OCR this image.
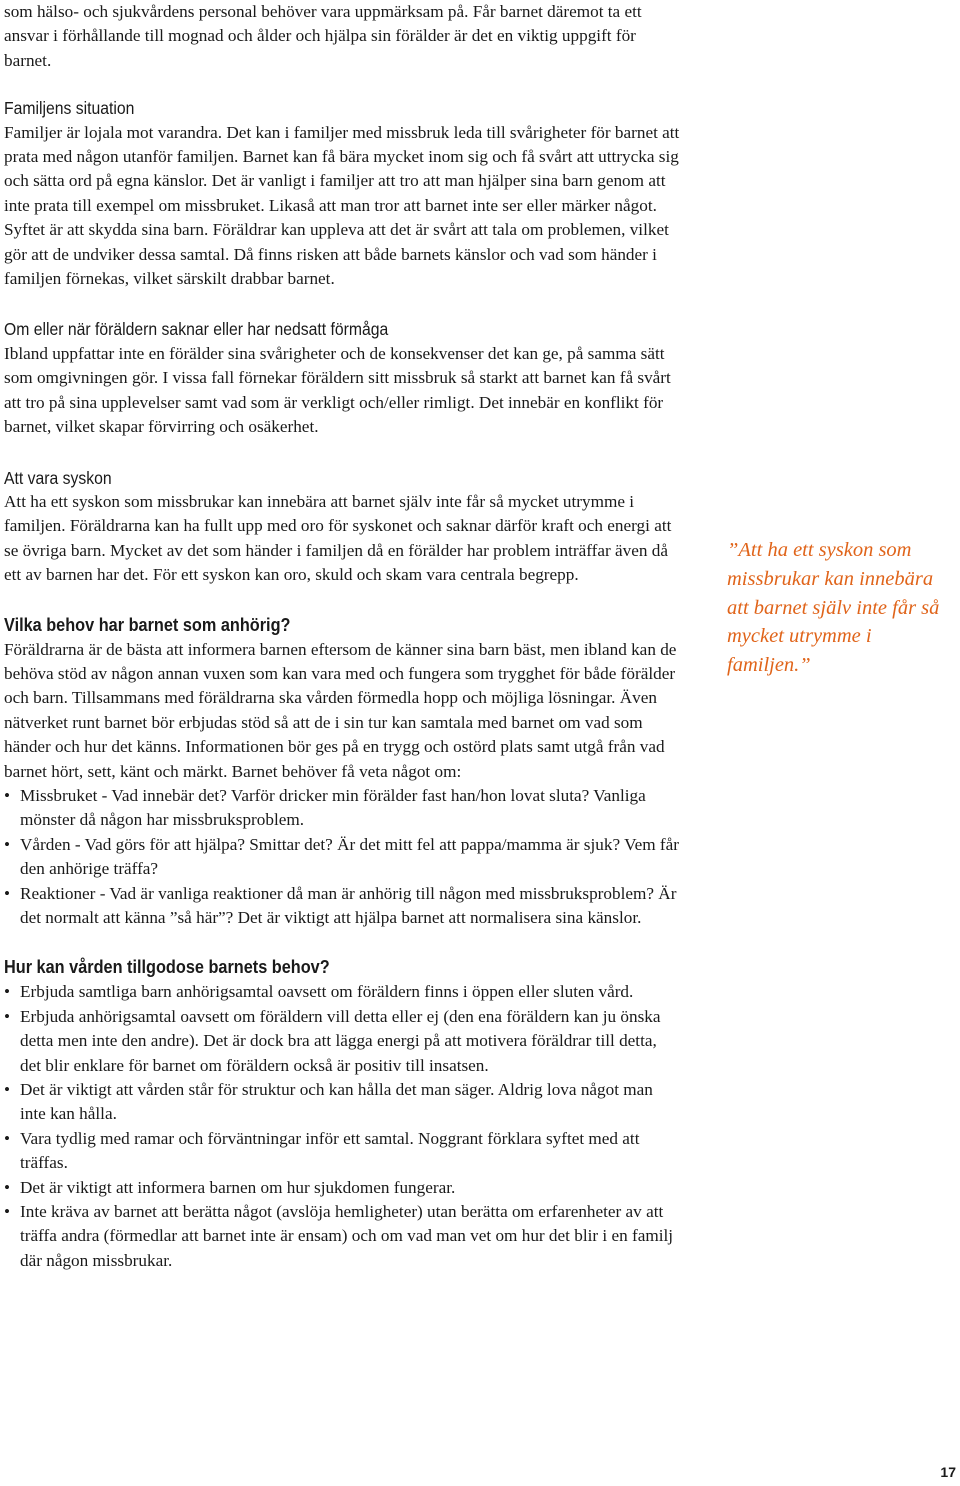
som hälso- och sjukvårdens personal behöver vara uppmärksam på. Får barnet däremot ta ett ansvar i förhållande till mognad och ålder och hjälpa sin förälder är det en viktig uppgift för barnet.

Familjens situation

Familjer är lojala mot varandra. Det kan i familjer med missbruk leda till svårigheter för barnet att prata med någon utanför familjen. Barnet kan få bära mycket inom sig och få svårt att uttrycka sig och sätta ord på egna känslor. Det är vanligt i familjer att tro att man hjälper sina barn genom att inte prata till exempel om missbruket. Likaså att man tror att barnet inte ser eller märker något. Syftet är att skydda sina barn. Föräldrar kan uppleva att det är svårt att tala om problemen, vilket gör att de undviker dessa samtal. Då finns risken att både barnets känslor och vad som händer i familjen förnekas, vilket särskilt drabbar barnet.

Om eller när föräldern saknar eller har nedsatt förmåga

Ibland uppfattar inte en förälder sina svårigheter och de konsekvenser det kan ge, på samma sätt som omgivningen gör. I vissa fall förnekar föräldern sitt missbruk så starkt att barnet kan få svårt att tro på sina upplevelser samt vad som är verkligt och/eller rimligt. Det innebär en konflikt för barnet, vilket skapar förvirring och osäkerhet.

Att vara syskon

Att ha ett syskon som missbrukar kan innebära att barnet själv inte får så mycket utrymme i familjen. Föräldrarna kan ha fullt upp med oro för syskonet och saknar därför kraft och energi att se övriga barn. Mycket av det som händer i familjen då en förälder har problem inträffar även då ett av barnen har det. För ett syskon kan oro, skuld och skam vara centrala begrepp.

Vilka behov har barnet som anhörig?

Föräldrarna är de bästa att informera barnen eftersom de känner sina barn bäst, men ibland kan de behöva stöd av någon annan vuxen som kan vara med och fungera som trygghet för både förälder och barn. Tillsammans med föräldrarna ska vården förmedla hopp och möjliga lösningar. Även nätverket runt barnet bör erbjudas stöd så att de i sin tur kan samtala med barnet om vad som händer och hur det känns. Informationen bör ges på en trygg och ostörd plats samt utgå från vad barnet hört, sett, känt och märkt. Barnet behöver få veta något om:

• Missbruket - Vad innebär det? Varför dricker min förälder fast han/hon lovat sluta? Vanliga mönster då någon har missbruksproblem.
• Vården - Vad görs för att hjälpa? Smittar det? Är det mitt fel att pappa/mamma är sjuk? Vem får den anhörige träffa?
• Reaktioner - Vad är vanliga reaktioner då man är anhörig till någon med missbruksproblem? Är det normalt att känna ”så här”? Det är viktigt att hjälpa barnet att normalisera sina känslor.
Hur kan vården tillgodose barnets behov?
• Erbjuda samtliga barn anhörigsamtal oavsett om föräldern finns i öppen eller sluten vård.
• Erbjuda anhörigsamtal oavsett om föräldern vill detta eller ej (den ena föräldern kan ju önska detta men inte den andre). Det är dock bra att lägga energi på att motivera föräldrar till detta, det blir enklare för barnet om föräldern också är positiv till insatsen.
• Det är viktigt att vården står för struktur och kan hålla det man säger. Aldrig lova något man inte kan hålla.
• Vara tydlig med ramar och förväntningar inför ett samtal. Noggrant förklara syftet med att träffas.
• Det är viktigt att informera barnen om hur sjukdomen fungerar.
• Inte kräva av barnet att berätta något (avslöja hemligheter) utan berätta om erfarenheter av att träffa andra (förmedlar att barnet inte är ensam) och om vad man vet om hur det blir i en familj där någon missbrukar.
”Att ha ett syskon som missbrukar kan innebära att barnet själv inte får så mycket utrymme i familjen.”
17
